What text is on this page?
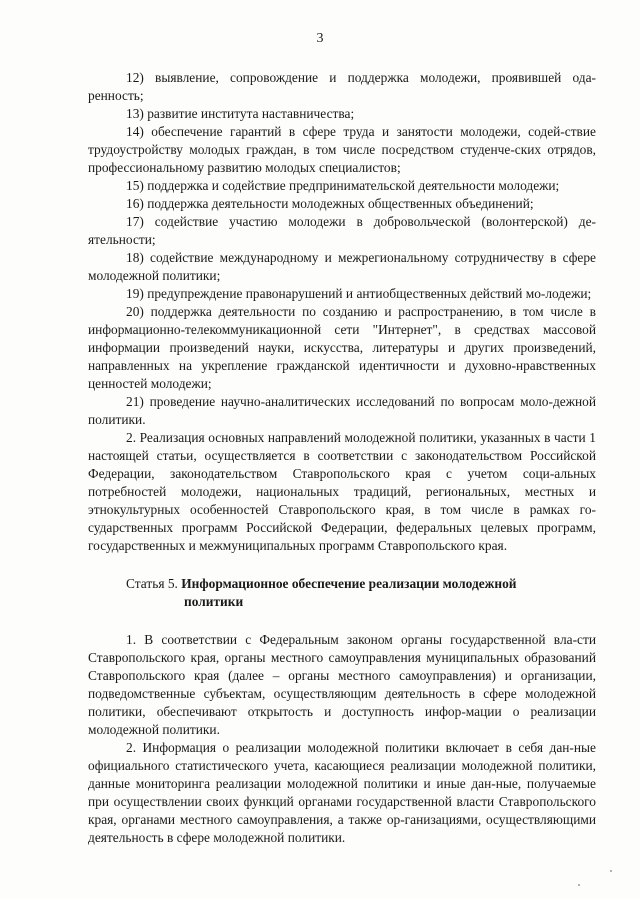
3

12) выявление, сопровождение и поддержка молодежи, проявившей ода-ренность;

13) развитие института наставничества;

14) обеспечение гарантий в сфере труда и занятости молодежи, содей-ствие трудоустройству молодых граждан, в том числе посредством студенче-ских отрядов, профессиональному развитию молодых специалистов;

15) поддержка и содействие предпринимательской деятельности молодежи;

16) поддержка деятельности молодежных общественных объединений;

17) содействие участию молодежи в добровольческой (волонтерской) де-ятельности;

18) содействие международному и межрегиональному сотрудничеству в сфере молодежной политики;

19) предупреждение правонарушений и антиобщественных действий мо-лодежи;

20) поддержка деятельности по созданию и распространению, в том числе в информационно-телекоммуникационной сети "Интернет", в средствах массовой информации произведений науки, искусства, литературы и других произведений, направленных на укрепление гражданской идентичности и духовно-нравственных ценностей молодежи;

21) проведение научно-аналитических исследований по вопросам моло-дежной политики.

2. Реализация основных направлений молодежной политики, указанных в части 1 настоящей статьи, осуществляется в соответствии с законодательством Российской Федерации, законодательством Ставропольского края с учетом соци-альных потребностей молодежи, национальных традиций, региональных, местных и этнокультурных особенностей Ставропольского края, в том числе в рамках го-сударственных программ Российской Федерации, федеральных целевых программ, государственных и межмуниципальных программ Ставропольского края.

Статья 5. Информационное обеспечение реализации молодежной
политики

1. В соответствии с Федеральным законом органы государственной вла-сти Ставропольского края, органы местного самоуправления муниципальных образований Ставропольского края (далее – органы местного самоуправления) и организации, подведомственные субъектам, осуществляющим деятельность в сфере молодежной политики, обеспечивают открытость и доступность инфор-мации о реализации молодежной политики.

2. Информация о реализации молодежной политики включает в себя дан-ные официального статистического учета, касающиеся реализации молодежной политики, данные мониторинга реализации молодежной политики и иные дан-ные, получаемые при осуществлении своих функций органами государственной власти Ставропольского края, органами местного самоуправления, а также ор-ганизациями, осуществляющими деятельность в сфере молодежной политики.
